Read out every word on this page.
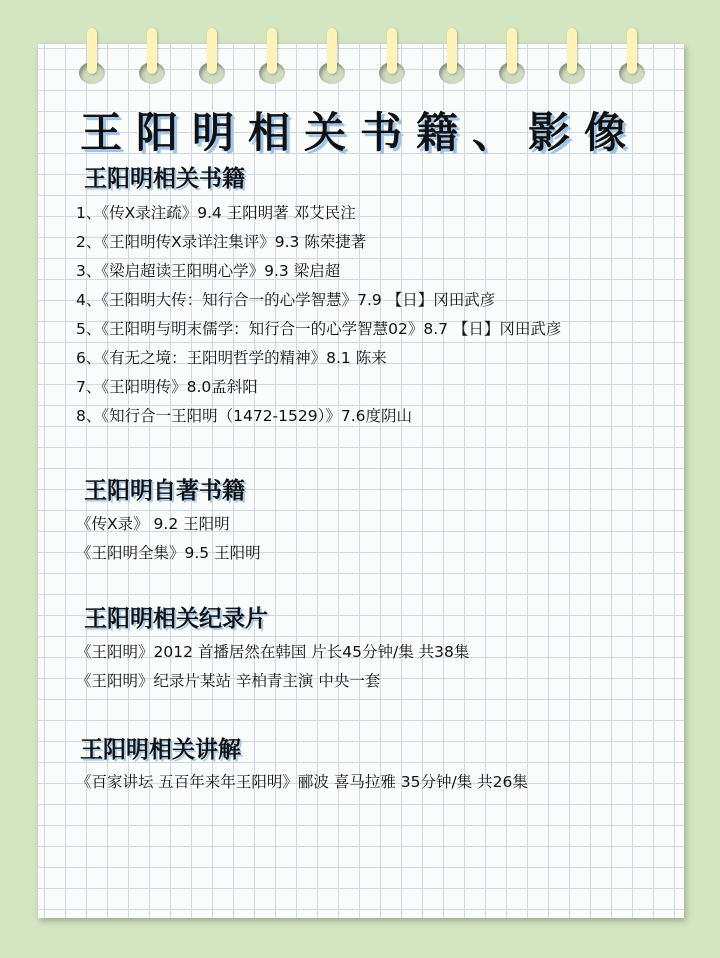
王阳明相关书籍、影像
王阳明相关书籍
1、《传X录注疏》9.4 王阳明著 邓艾民注
2、《王阳明传X录详注集评》9.3 陈荣捷著
3、《梁启超读王阳明心学》9.3 梁启超
4、《王阳明大传：知行合一的心学智慧》7.9 【日】冈田武彦
5、《王阳明与明末儒学：知行合一的心学智慧02》8.7 【日】冈田武彦
6、《有无之境：王阳明哲学的精神》8.1 陈来
7、《王阳明传》8.0孟斜阳
8、《知行合一王阳明（1472-1529）》7.6度阴山
王阳明自著书籍
《传X录》 9.2 王阳明
《王阳明全集》9.5 王阳明
王阳明相关纪录片
《王阳明》2012 首播居然在韩国 片长45分钟/集 共38集
《王阳明》纪录片某站 辛柏青主演 中央一套
王阳明相关讲解
《百家讲坛 五百年来年王阳明》郦波 喜马拉雅 35分钟/集 共26集
